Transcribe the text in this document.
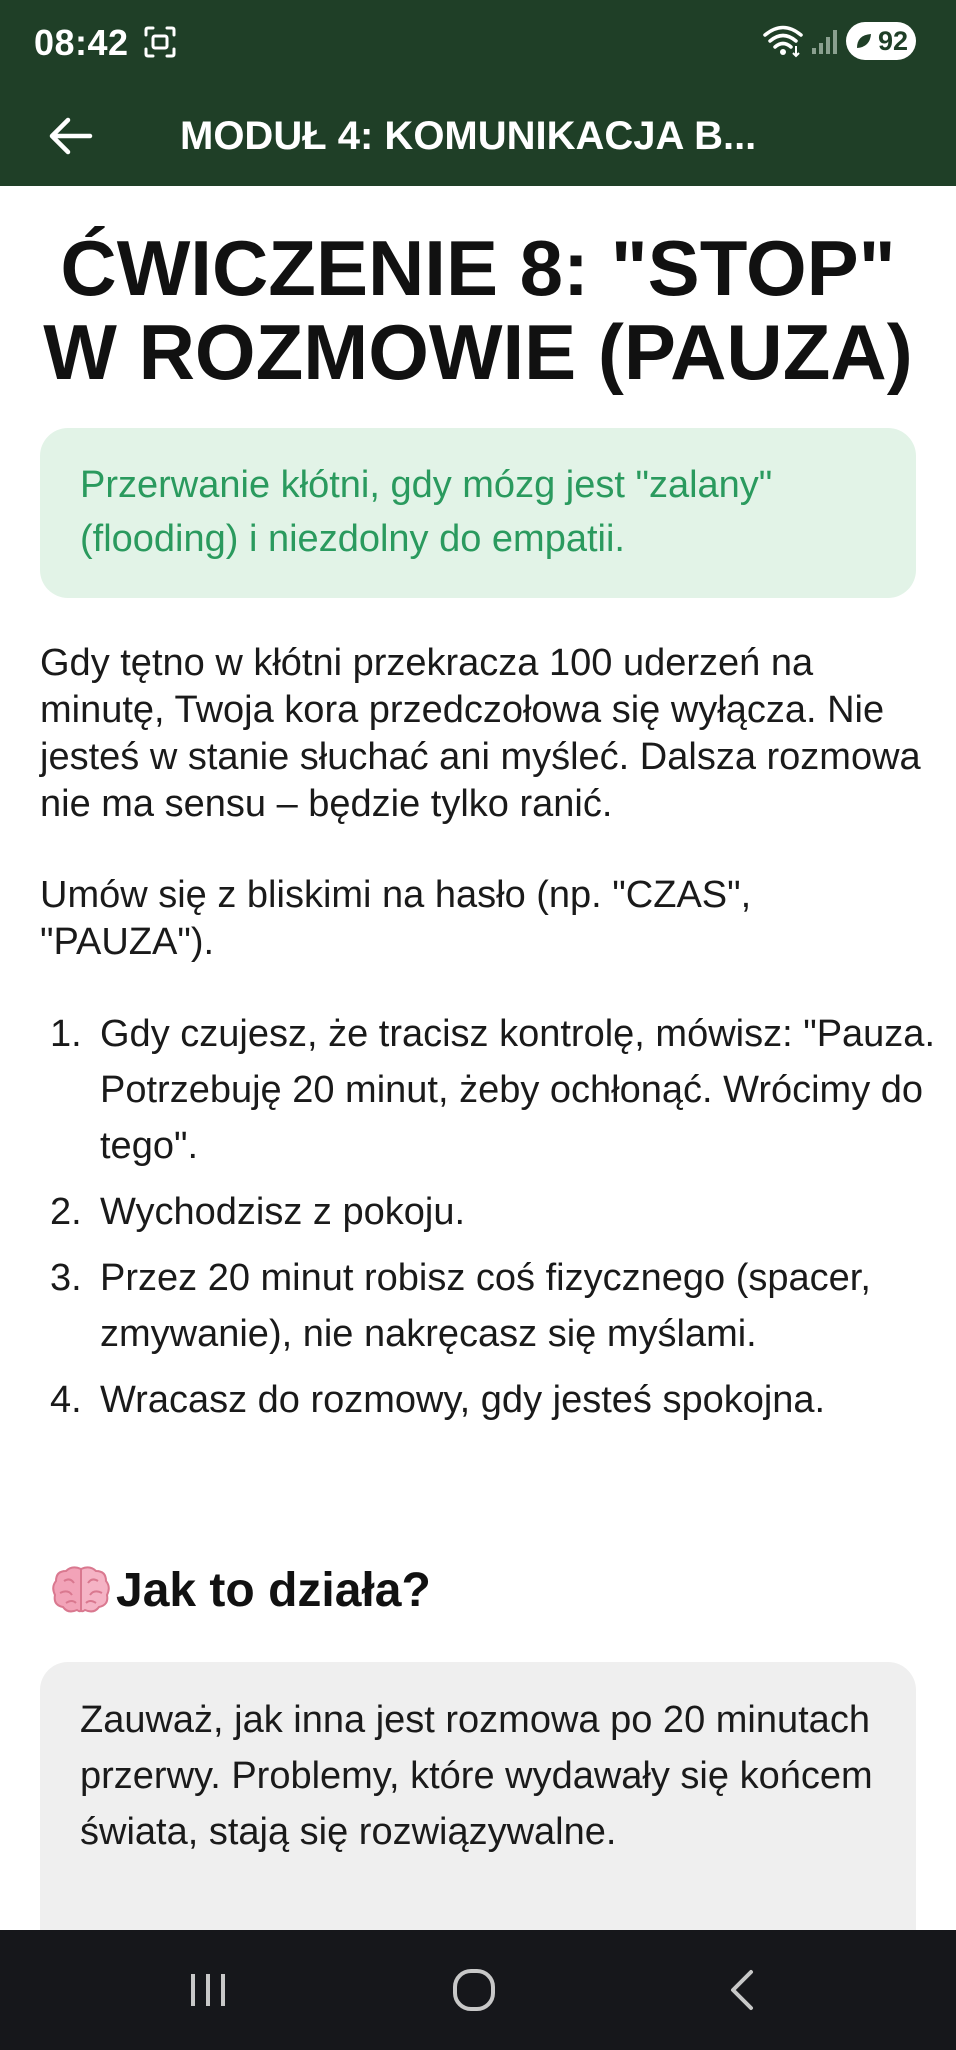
08:42	92
MODUŁ 4: KOMUNIKACJA B...
ĆWICZENIE 8: "STOP" W ROZMOWIE (PAUZA)
Przerwanie kłótni, gdy mózg jest "zalany" (flooding) i niezdolny do empatii.

Gdy tętno w kłótni przekracza 100 uderzeń na minutę, Twoja kora przedczołowa się wyłącza. Nie jesteś w stanie słuchać ani myśleć. Dalsza rozmowa nie ma sensu – będzie tylko ranić.

Umów się z bliskimi na hasło (np. "CZAS", "PAUZA").

1. Gdy czujesz, że tracisz kontrolę, mówisz: "Pauza. Potrzebuję 20 minut, żeby ochłonąć. Wrócimy do tego".
2. Wychodzisz z pokoju.
3. Przez 20 minut robisz coś fizycznego (spacer, zmywanie), nie nakręcasz się myślami.
4. Wracasz do rozmowy, gdy jesteś spokojna.
Jak to działa?
Zauważ, jak inna jest rozmowa po 20 minutach przerwy. Problemy, które wydawały się końcem świata, stają się rozwiązywalne.
